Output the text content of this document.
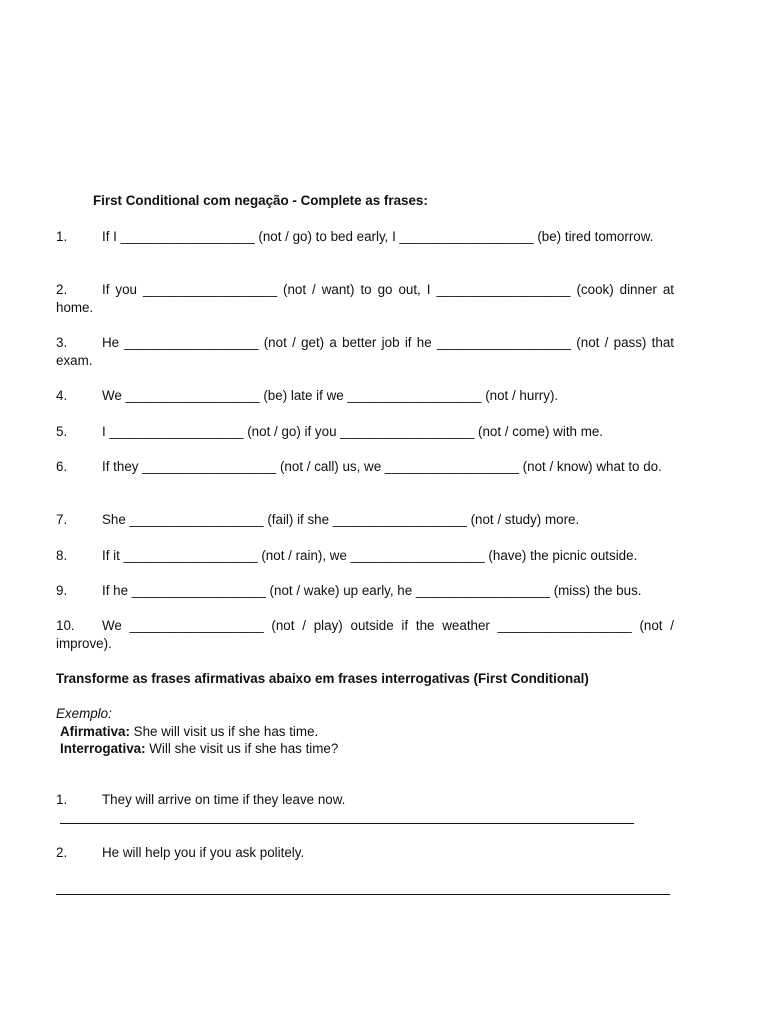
First Conditional com negação - Complete as frases:
1.	If I __________________ (not / go) to bed early, I __________________ (be) tired tomorrow.
2.	If you __________________ (not / want) to go out, I __________________ (cook) dinner at home.
3.	He __________________ (not / get) a better job if he __________________ (not / pass) that exam.
4.	We __________________ (be) late if we __________________ (not / hurry).
5.	I __________________ (not / go) if you __________________ (not / come) with me.
6.	If they __________________ (not / call) us, we __________________ (not / know) what to do.
7.	She __________________ (fail) if she __________________ (not / study) more.
8.	If it __________________ (not / rain), we __________________ (have) the picnic outside.
9.	If he __________________ (not / wake) up early, he __________________ (miss) the bus.
10. We __________________ (not / play) outside if the weather __________________ (not / improve).
Transforme as frases afirmativas abaixo em frases interrogativas (First Conditional)
Exemplo:
Afirmativa: She will visit us if she has time.
Interrogativa: Will she visit us if she has time?
1.	They will arrive on time if they leave now.
2.	He will help you if you ask politely.
